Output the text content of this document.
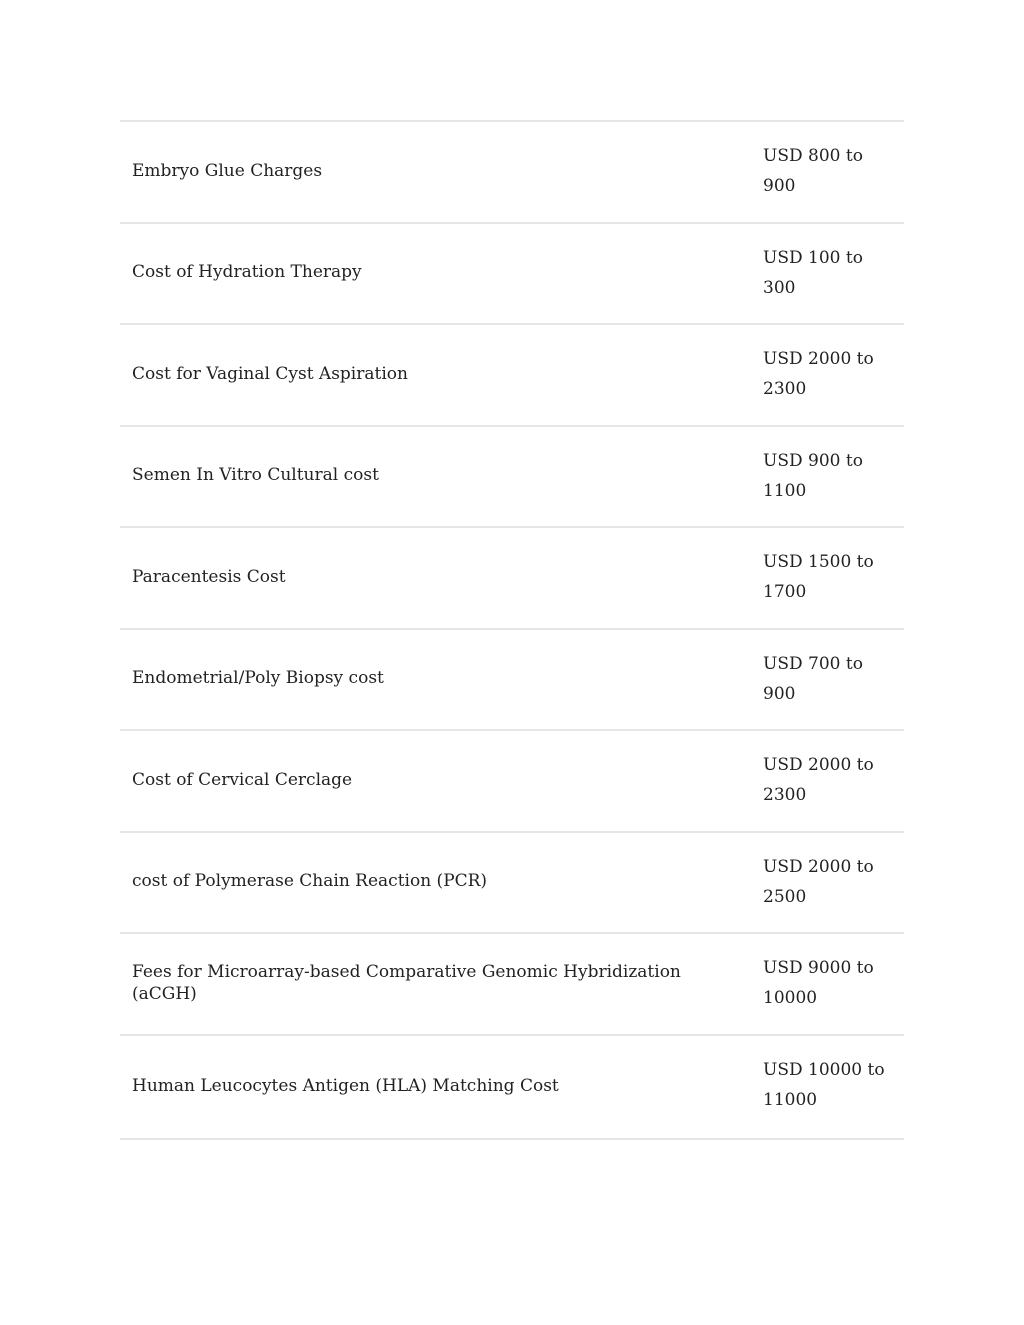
Embryo Glue Charges
USD 800 to
900
Cost of Hydration Therapy
USD 100 to
300
Cost for Vaginal Cyst Aspiration
USD 2000 to
2300
Semen In Vitro Cultural cost
USD 900 to
1100
Paracentesis Cost
USD 1500 to
1700
Endometrial/Poly Biopsy cost
USD 700 to
900
Cost of Cervical Cerclage
USD 2000 to
2300
cost of Polymerase Chain Reaction (PCR)
USD 2000 to
2500
Fees for Microarray-based Comparative Genomic Hybridization (aCGH)
USD 9000 to
10000
Human Leucocytes Antigen (HLA) Matching Cost
USD 10000 to
11000
